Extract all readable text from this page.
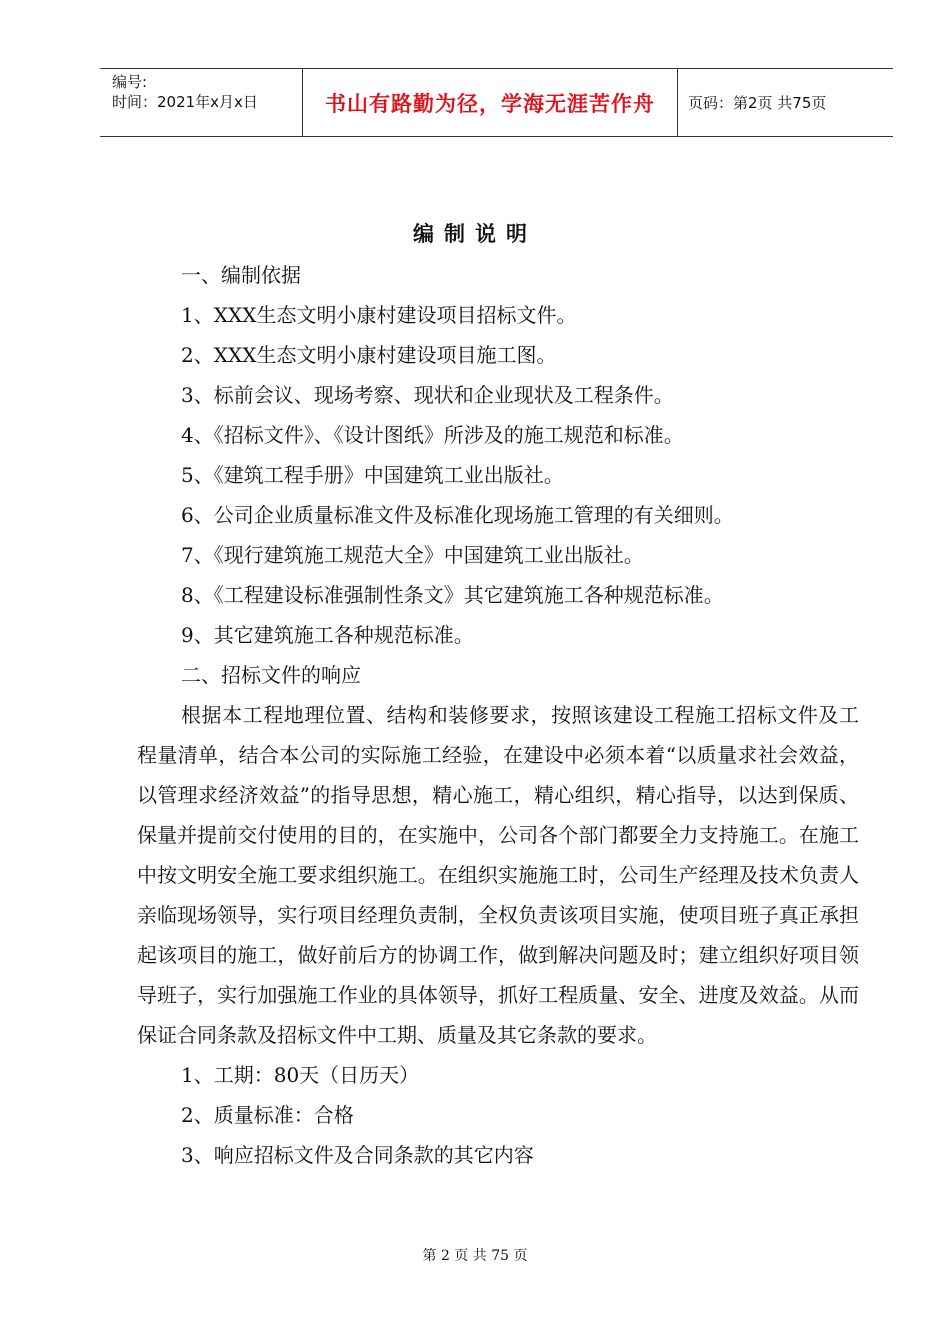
编号:
时间：2021年x月x日	书山有路勤为径，学海无涯苦作舟 页码：第2页 共75页
编制说明
一、编制依据
1、XXX生态文明小康村建设项目招标文件。
2、XXX生态文明小康村建设项目施工图。
3、标前会议、现场考察、现状和企业现状及工程条件。
4、《招标文件》、《设计图纸》所涉及的施工规范和标准。
5、《建筑工程手册》中国建筑工业出版社。
6、公司企业质量标准文件及标准化现场施工管理的有关细则。
7、《现行建筑施工规范大全》中国建筑工业出版社。
8、《工程建设标准强制性条文》其它建筑施工各种规范标准。
9、其它建筑施工各种规范标准。
二、招标文件的响应

根据本工程地理位置、结构和装修要求，按照该建设工程施工招标文件及工程量清单，结合本公司的实际施工经验，在建设中必须本着“以质量求社会效益，以管理求经济效益”的指导思想，精心施工，精心组织，精心指导，以达到保质、保量并提前交付使用的目的，在实施中，公司各个部门都要全力支持施工。在施工中按文明安全施工要求组织施工。在组织实施施工时，公司生产经理及技术负责人亲临现场领导，实行项目经理负责制，全权负责该项目实施，使项目班子真正承担起该项目的施工，做好前后方的协调工作，做到解决问题及时；建立组织好项目领导班子，实行加强施工作业的具体领导，抓好工程质量、安全、进度及效益。从而保证合同条款及招标文件中工期、质量及其它条款的要求。

1、工期：80天（日历天）
2、质量标准：合格
3、响应招标文件及合同条款的其它内容
第 2 页 共 75 页
